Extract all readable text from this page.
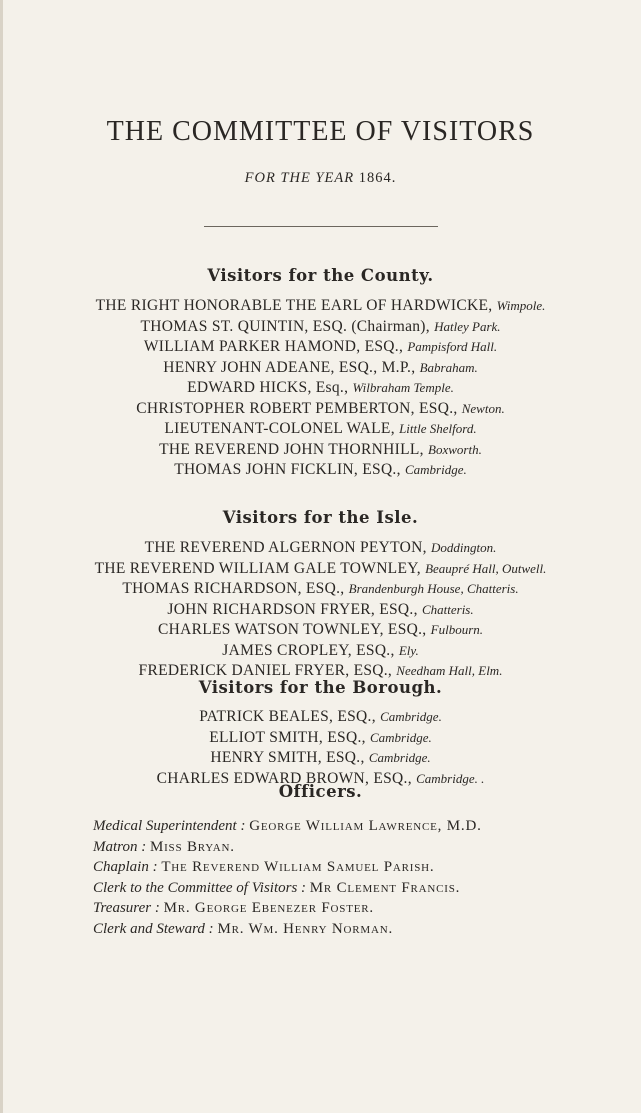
THE COMMITTEE OF VISITORS
FOR THE YEAR 1864.
Visitors for the County.
THE RIGHT HONORABLE THE EARL OF HARDWICKE, Wimpole.
THOMAS ST. QUINTIN, ESQ. (Chairman), Hatley Park.
WILLIAM PARKER HAMOND, ESQ., Pampisford Hall.
HENRY JOHN ADEANE, ESQ., M.P., Babraham.
EDWARD HICKS, Esq., Wilbraham Temple.
CHRISTOPHER ROBERT PEMBERTON, ESQ., Newton.
LIEUTENANT-COLONEL WALE, Little Shelford.
THE REVEREND JOHN THORNHILL, Boxworth.
THOMAS JOHN FICKLIN, ESQ., Cambridge.
Visitors for the Isle.
THE REVEREND ALGERNON PEYTON, Doddington.
THE REVEREND WILLIAM GALE TOWNLEY, Beaupré Hall, Outwell.
THOMAS RICHARDSON, ESQ., Brandenburgh House, Chatteris.
JOHN RICHARDSON FRYER, ESQ., Chatteris.
CHARLES WATSON TOWNLEY, ESQ., Fulbourn.
JAMES CROPLEY, ESQ., Ely.
FREDERICK DANIEL FRYER, ESQ., Needham Hall, Elm.
Visitors for the Borough.
PATRICK BEALES, ESQ., Cambridge.
ELLIOT SMITH, ESQ., Cambridge.
HENRY SMITH, ESQ., Cambridge.
CHARLES EDWARD BROWN, ESQ., Cambridge. .
Officers.
Medical Superintendent : George William Lawrence, M.D.
Matron : Miss Bryan.
Chaplain : The Reverend William Samuel Parish.
Clerk to the Committee of Visitors : Mr Clement Francis.
Treasurer : Mr. George Ebenezer Foster.
Clerk and Steward : Mr. Wm. Henry Norman.
